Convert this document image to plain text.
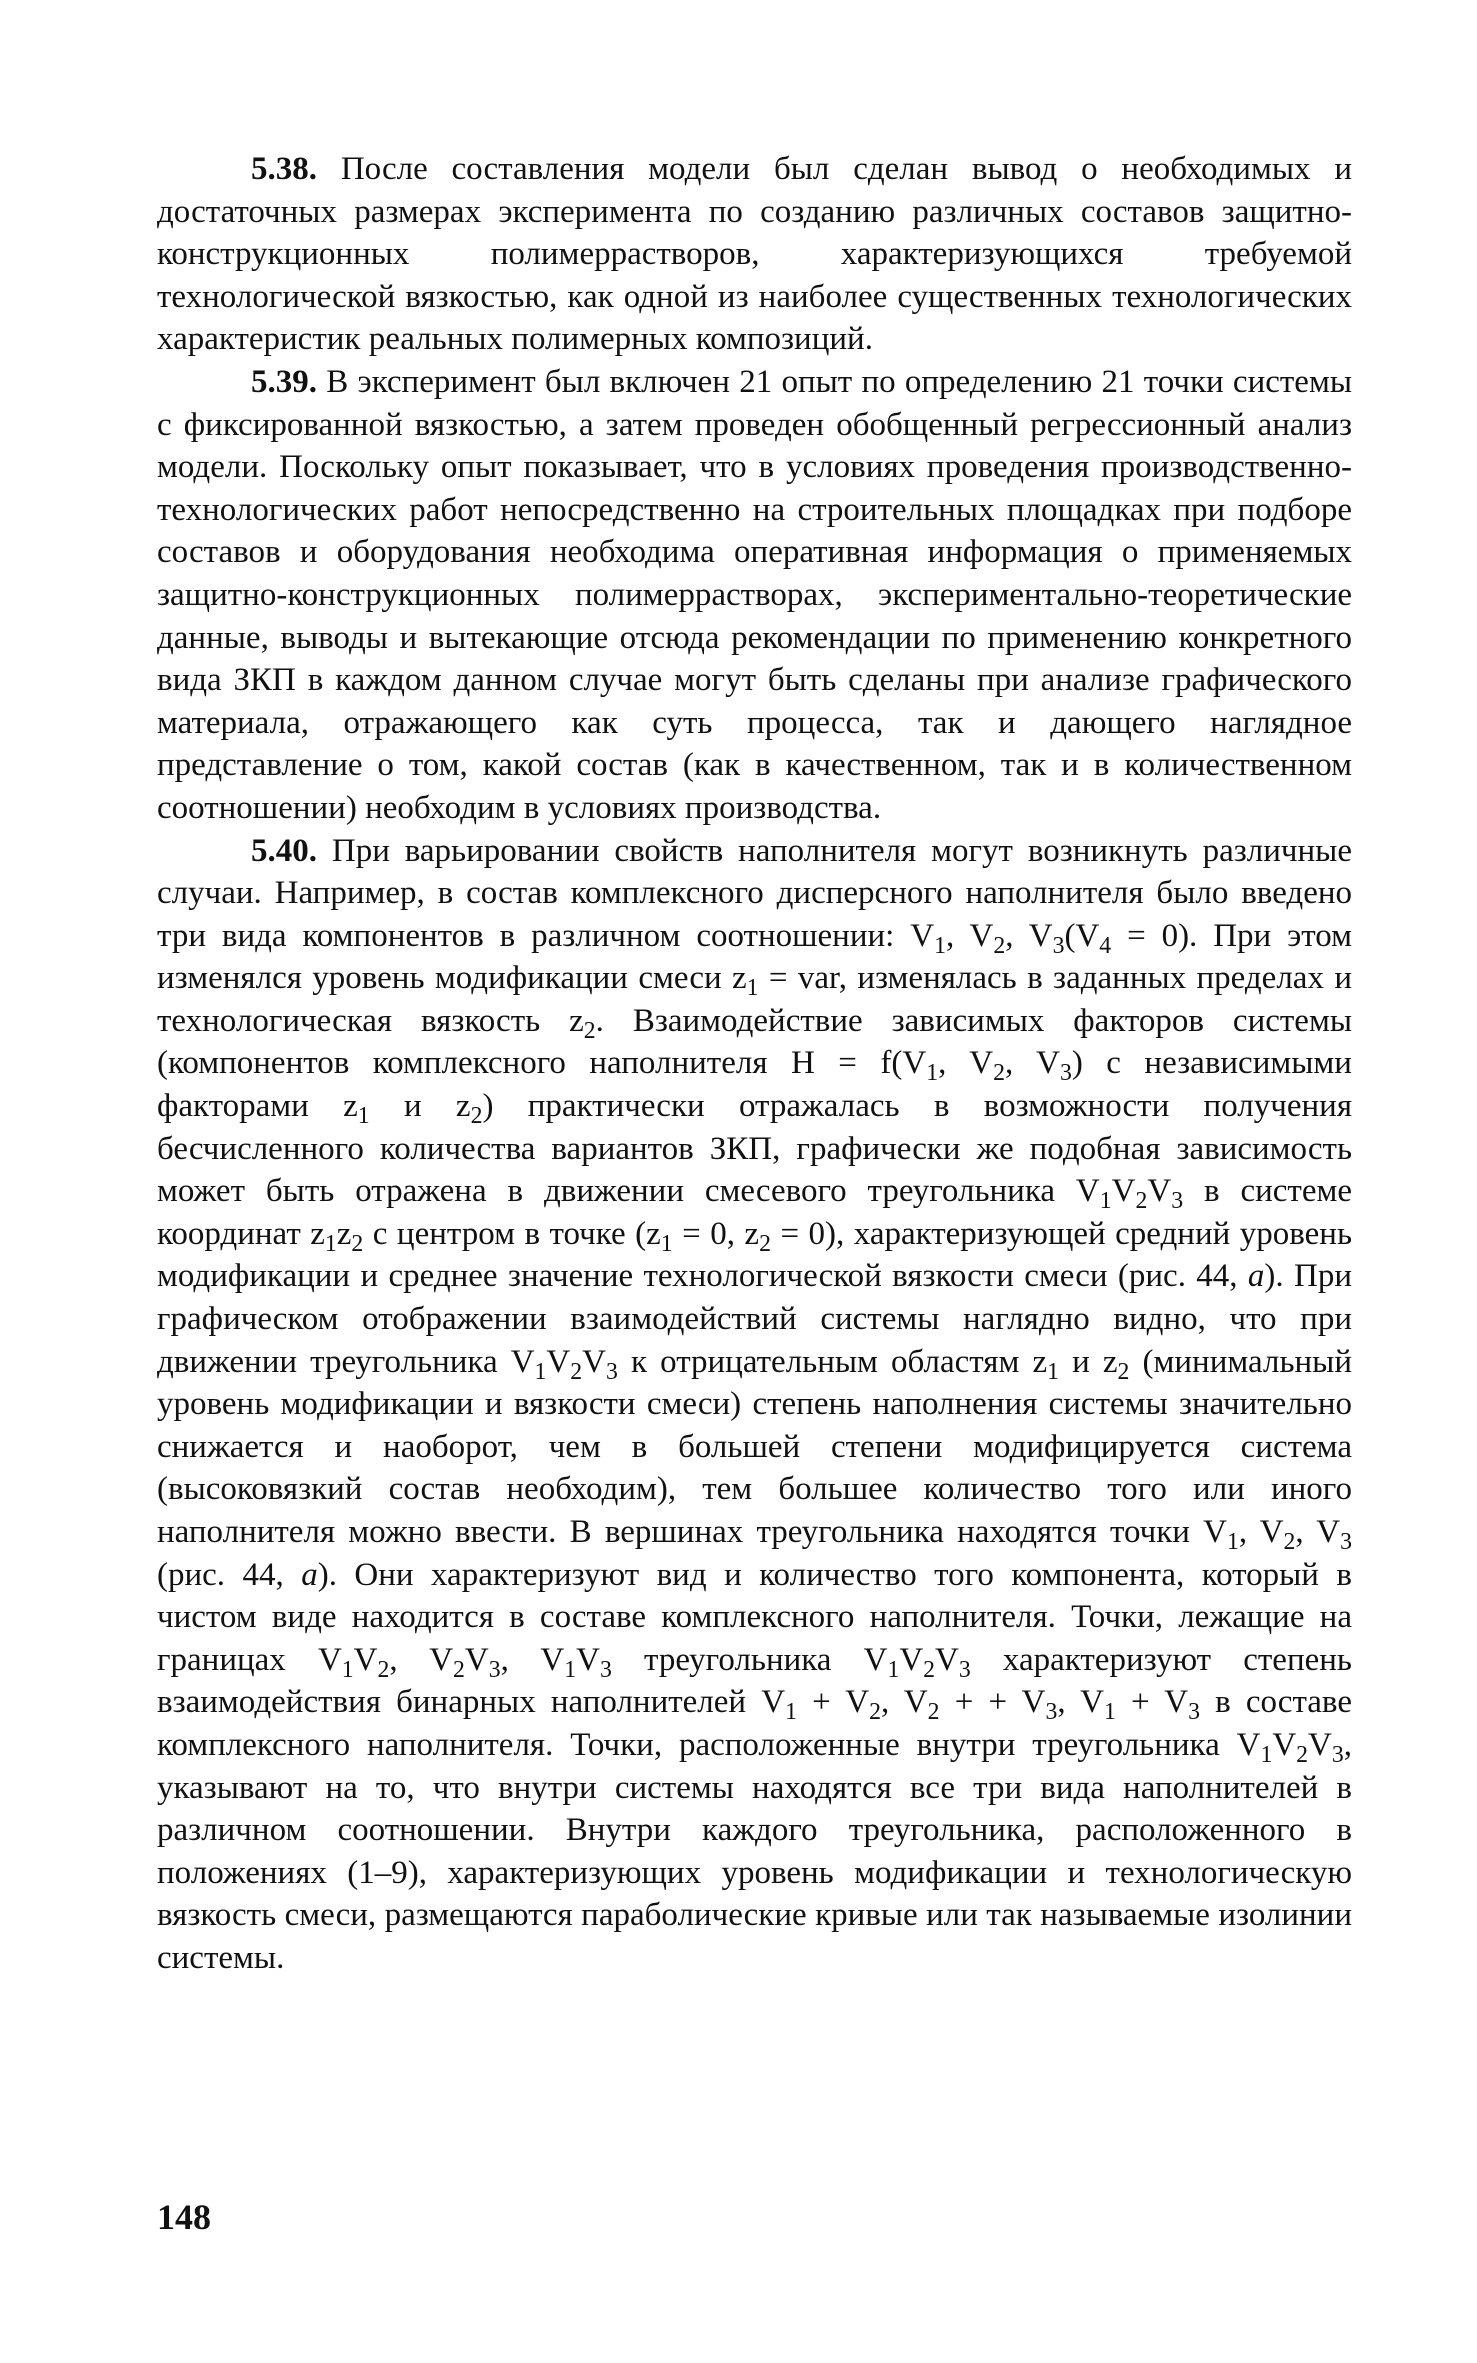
5.38. После составления модели был сделан вывод о необходимых и достаточных размерах эксперимента по созданию различных составов защитно-конструкционных полимеррастворов, характеризующихся требуемой технологической вязкостью, как одной из наиболее существенных технологических характеристик реальных полимерных композиций.

5.39. В эксперимент был включен 21 опыт по определению 21 точки системы с фиксированной вязкостью, а затем проведен обобщенный регрессионный анализ модели. Поскольку опыт показывает, что в условиях проведения производственно-технологических работ непосредственно на строительных площадках при подборе составов и оборудования необходима оперативная информация о применяемых защитно-конструкционных полимеррастворах, экспериментально-теоретические данные, выводы и вытекающие отсюда рекомендации по применению конкретного вида ЗКП в каждом данном случае могут быть сделаны при анализе графического материала, отражающего как суть процесса, так и дающего наглядное представление о том, какой состав (как в качественном, так и в количественном соотношении) необходим в условиях производства.

5.40. При варьировании свойств наполнителя могут возникнуть различные случаи. Например, в состав комплексного дисперсного наполнителя было введено три вида компонентов в различном соотношении: $V_1$, $V_2$, $V_3(V_4 = 0)$. При этом изменялся уровень модификации смеси $z_1$ = var, изменялась в заданных пределах и технологическая вязкость $z_2$. Взаимодействие зависимых факторов системы (компонентов комплексного наполнителя $H = f(V_1$, $V_2$, $V_3$) с независимыми факторами $z_1$ и $z_2$) практически отражалась в возможности получения бесчисленного количества вариантов ЗКП, графически же подобная зависимость может быть отражена в движении смесевого треугольника $V_1V_2V_3$ в системе координат $z_1z_2$ с центром в точке ($z_1 = 0$, $z_2 = 0$), характеризующей средний уровень модификации и среднее значение технологической вязкости смеси (рис. 44, а). При графическом отображении взаимодействий системы наглядно видно, что при движении треугольника $V_1V_2V_3$ к отрицательным областям $z_1$ и $z_2$ (минимальный уровень модификации и вязкости смеси) степень наполнения системы значительно снижается и наоборот, чем в большей степени модифицируется система (высоковязкий состав необходим), тем большее количество того или иного наполнителя можно ввести. В вершинах треугольника находятся точки $V_1$, $V_2$, $V_3$ (рис. 44, а). Они характеризуют вид и количество того компонента, который в чистом виде находится в составе комплексного наполнителя. Точки, лежащие на границах $V_1V_2$, $V_2V_3$, $V_1V_3$ треугольника $V_1V_2V_3$ характеризуют степень взаимодействия бинарных наполнителей $V_1 + V_2$, $V_2$ + + $V_3$, $V_1 + V_3$ в составе комплексного наполнителя. Точки, расположенные внутри треугольника $V_1V_2V_3$, указывают на то, что внутри системы находятся все три вида наполнителей в различном соотношении. Внутри каждого треугольника, расположенного в положениях (1–9), характеризующих уровень модификации и технологическую вязкость смеси, размещаются параболические кривые или так называемые изолинии системы.

148
